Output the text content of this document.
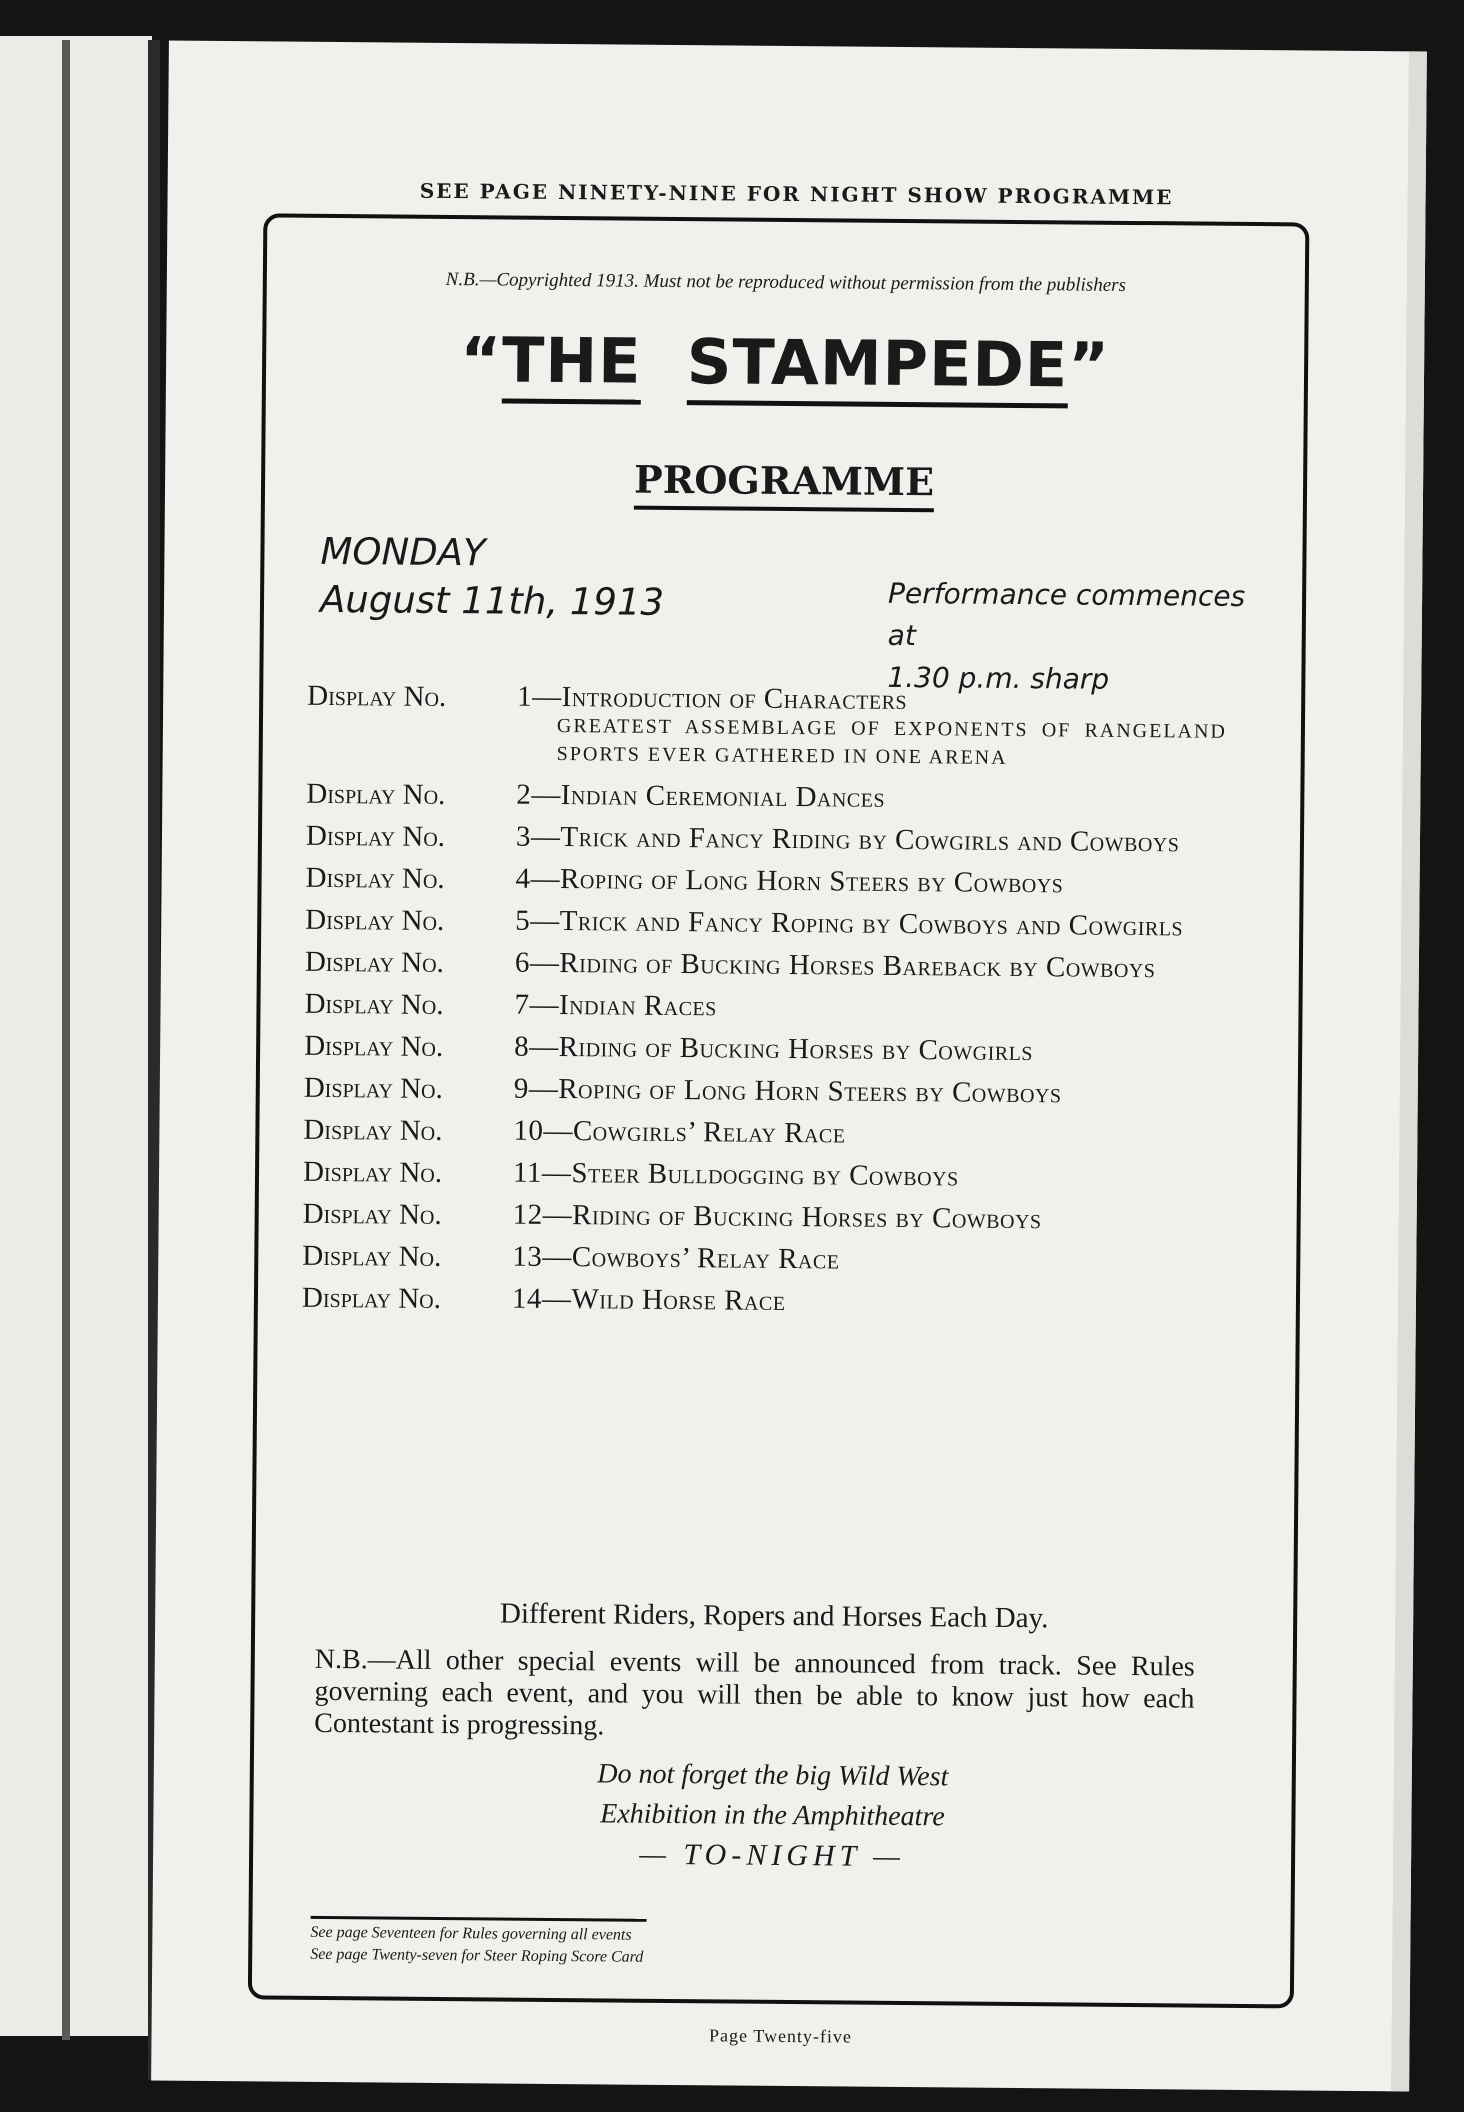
SEE PAGE NINETY-NINE FOR NIGHT SHOW PROGRAMME
N.B.—Copyrighted 1913. Must not be reproduced without permission from the publishers
“THE STAMPEDE”
PROGRAMME
MONDAY
August 11th, 1913	Performance commences at
1.30 p.m. sharp
Display No.	1—Introduction of Characters
GREATEST ASSEMBLAGE OF EXPONENTS OF RANGELAND SPORTS EVER GATHERED IN ONE ARENA
Display No.	2—Indian Ceremonial Dances
Display No.	3—Trick and Fancy Riding by Cowgirls and Cowboys
Display No.	4—Roping of Long Horn Steers by Cowboys
Display No.	5—Trick and Fancy Roping by Cowboys and Cowgirls
Display No.	6—Riding of Bucking Horses Bareback by Cowboys
Display No.	7—Indian Races
Display No.	8—Riding of Bucking Horses by Cowgirls
Display No.	9—Roping of Long Horn Steers by Cowboys
Display No.	10—Cowgirls’ Relay Race
Display No.	11—Steer Bulldogging by Cowboys
Display No.	12—Riding of Bucking Horses by Cowboys
Display No.	13—Cowboys’ Relay Race
Display No.	14—Wild Horse Race
Different Riders, Ropers and Horses Each Day.
N.B.—All other special events will be announced from track. See Rules governing each event, and you will then be able to know just how each Contestant is progressing.
Do not forget the big Wild West
Exhibition in the Amphitheatre
— TO-NIGHT —
See page Seventeen for Rules governing all events
See page Twenty-seven for Steer Roping Score Card
Page Twenty-five
